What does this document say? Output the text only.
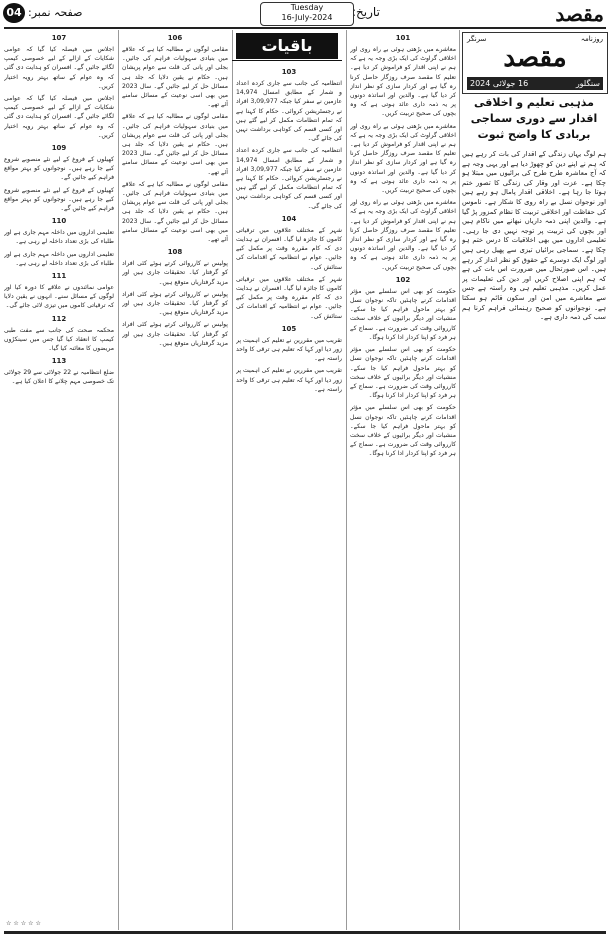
مقصد
تاریخ:
Tuesday
16-July-2024
صفحہ نمبر:
04
روزنامہ
سرنگر
مقصد
سنگلور
16 جولائی 2024
مذہبی تعلیم و اخلاقی اقدار سے دوری سماجی بربادی کا واضح ثبوت
ہم لوگ یہاں زندگی کے اقدار کی بات کر رہے ہیں کہ ہم نے اپنے دین کو چھوڑ دیا ہے اور یہی وجہ ہے کہ آج معاشرہ طرح طرح کی برائیوں میں مبتلا ہو چکا ہے۔ عزت اور وقار کی زندگی کا تصور ختم ہوتا جا رہا ہے۔ اخلاقی اقدار پامال ہو رہے ہیں اور نوجوان نسل بے راہ روی کا شکار ہے۔ ناموس کی حفاظت اور اخلاقی تربیت کا نظام کمزور پڑ گیا ہے۔ والدین اپنی ذمہ داریاں نبھانے میں ناکام ہیں اور بچوں کی تربیت پر توجہ نہیں دی جا رہی۔ تعلیمی اداروں میں بھی اخلاقیات کا درس ختم ہو چکا ہے۔ سماجی برائیاں تیزی سے پھیل رہی ہیں اور لوگ ایک دوسرے کے حقوق کو نظر انداز کر رہے ہیں۔ اس صورتحال میں ضرورت اس بات کی ہے کہ ہم اپنی اصلاح کریں اور دین کی تعلیمات پر عمل کریں۔ مذہبی تعلیم ہی وہ راستہ ہے جس سے معاشرے میں امن اور سکون قائم ہو سکتا ہے۔ نوجوانوں کو صحیح رہنمائی فراہم کرنا ہم سب کی ذمہ داری ہے۔
باقیات	101

معاشرے میں بڑھتی ہوئی بے راہ روی اور اخلاقی گراوٹ کی ایک بڑی وجہ یہ ہے کہ ہم نے اپنی اقدار کو فراموش کر دیا ہے۔ تعلیم کا مقصد صرف روزگار حاصل کرنا رہ گیا ہے اور کردار سازی کو نظر انداز کر دیا گیا ہے۔ والدین اور اساتذہ دونوں پر یہ ذمہ داری عائد ہوتی ہے کہ وہ بچوں کی صحیح تربیت کریں۔

معاشرے میں بڑھتی ہوئی بے راہ روی اور اخلاقی گراوٹ کی ایک بڑی وجہ یہ ہے کہ ہم نے اپنی اقدار کو فراموش کر دیا ہے۔ تعلیم کا مقصد صرف روزگار حاصل کرنا رہ گیا ہے اور کردار سازی کو نظر انداز کر دیا گیا ہے۔ والدین اور اساتذہ دونوں پر یہ ذمہ داری عائد ہوتی ہے کہ وہ بچوں کی صحیح تربیت کریں۔

معاشرے میں بڑھتی ہوئی بے راہ روی اور اخلاقی گراوٹ کی ایک بڑی وجہ یہ ہے کہ ہم نے اپنی اقدار کو فراموش کر دیا ہے۔ تعلیم کا مقصد صرف روزگار حاصل کرنا رہ گیا ہے اور کردار سازی کو نظر انداز کر دیا گیا ہے۔ والدین اور اساتذہ دونوں پر یہ ذمہ داری عائد ہوتی ہے کہ وہ بچوں کی صحیح تربیت کریں۔

102

حکومت کو بھی اس سلسلے میں مؤثر اقدامات کرنے چاہئیں تاکہ نوجوان نسل کو بہتر ماحول فراہم کیا جا سکے۔ منشیات اور دیگر برائیوں کے خلاف سخت کارروائی وقت کی ضرورت ہے۔ سماج کے ہر فرد کو اپنا کردار ادا کرنا ہوگا۔

حکومت کو بھی اس سلسلے میں مؤثر اقدامات کرنے چاہئیں تاکہ نوجوان نسل کو بہتر ماحول فراہم کیا جا سکے۔ منشیات اور دیگر برائیوں کے خلاف سخت کارروائی وقت کی ضرورت ہے۔ سماج کے ہر فرد کو اپنا کردار ادا کرنا ہوگا۔

حکومت کو بھی اس سلسلے میں مؤثر اقدامات کرنے چاہئیں تاکہ نوجوان نسل کو بہتر ماحول فراہم کیا جا سکے۔ منشیات اور دیگر برائیوں کے خلاف سخت کارروائی وقت کی ضرورت ہے۔ سماج کے ہر فرد کو اپنا کردار ادا کرنا ہوگا۔

103

انتظامیہ کی جانب سے جاری کردہ اعداد و شمار کے مطابق امسال 14,974 عازمین نے سفر کیا جبکہ 3,09,977 افراد نے رجسٹریشن کروائی۔ حکام کا کہنا ہے کہ تمام انتظامات مکمل کر لیے گئے ہیں اور کسی قسم کی کوتاہی برداشت نہیں کی جائے گی۔

انتظامیہ کی جانب سے جاری کردہ اعداد و شمار کے مطابق امسال 14,974 عازمین نے سفر کیا جبکہ 3,09,977 افراد نے رجسٹریشن کروائی۔ حکام کا کہنا ہے کہ تمام انتظامات مکمل کر لیے گئے ہیں اور کسی قسم کی کوتاہی برداشت نہیں کی جائے گی۔

104

شہر کے مختلف علاقوں میں ترقیاتی کاموں کا جائزہ لیا گیا۔ افسران نے ہدایت دی کہ کام مقررہ وقت پر مکمل کیے جائیں۔ عوام نے انتظامیہ کے اقدامات کی ستائش کی۔

شہر کے مختلف علاقوں میں ترقیاتی کاموں کا جائزہ لیا گیا۔ افسران نے ہدایت دی کہ کام مقررہ وقت پر مکمل کیے جائیں۔ عوام نے انتظامیہ کے اقدامات کی ستائش کی۔

105

تقریب میں مقررین نے تعلیم کی اہمیت پر زور دیا اور کہا کہ تعلیم ہی ترقی کا واحد راستہ ہے۔

تقریب میں مقررین نے تعلیم کی اہمیت پر زور دیا اور کہا کہ تعلیم ہی ترقی کا واحد راستہ ہے۔

106

مقامی لوگوں نے مطالبہ کیا ہے کہ علاقے میں بنیادی سہولیات فراہم کی جائیں۔ بجلی اور پانی کی قلت سے عوام پریشان ہیں۔ حکام نے یقین دلایا کہ جلد ہی مسائل حل کر لیے جائیں گے۔ سال 2023 میں بھی اسی نوعیت کے مسائل سامنے آئے تھے۔

مقامی لوگوں نے مطالبہ کیا ہے کہ علاقے میں بنیادی سہولیات فراہم کی جائیں۔ بجلی اور پانی کی قلت سے عوام پریشان ہیں۔ حکام نے یقین دلایا کہ جلد ہی مسائل حل کر لیے جائیں گے۔ سال 2023 میں بھی اسی نوعیت کے مسائل سامنے آئے تھے۔

مقامی لوگوں نے مطالبہ کیا ہے کہ علاقے میں بنیادی سہولیات فراہم کی جائیں۔ بجلی اور پانی کی قلت سے عوام پریشان ہیں۔ حکام نے یقین دلایا کہ جلد ہی مسائل حل کر لیے جائیں گے۔ سال 2023 میں بھی اسی نوعیت کے مسائل سامنے آئے تھے۔

108

پولیس نے کارروائی کرتے ہوئے کئی افراد کو گرفتار کیا۔ تحقیقات جاری ہیں اور مزید گرفتاریاں متوقع ہیں۔

پولیس نے کارروائی کرتے ہوئے کئی افراد کو گرفتار کیا۔ تحقیقات جاری ہیں اور مزید گرفتاریاں متوقع ہیں۔

پولیس نے کارروائی کرتے ہوئے کئی افراد کو گرفتار کیا۔ تحقیقات جاری ہیں اور مزید گرفتاریاں متوقع ہیں۔

107

اجلاس میں فیصلہ کیا گیا کہ عوامی شکایات کے ازالے کے لیے خصوصی کیمپ لگائے جائیں گے۔ افسران کو ہدایت دی گئی کہ وہ عوام کے ساتھ بہتر رویہ اختیار کریں۔

اجلاس میں فیصلہ کیا گیا کہ عوامی شکایات کے ازالے کے لیے خصوصی کیمپ لگائے جائیں گے۔ افسران کو ہدایت دی گئی کہ وہ عوام کے ساتھ بہتر رویہ اختیار کریں۔

109

کھیلوں کے فروغ کے لیے نئے منصوبے شروع کیے جا رہے ہیں۔ نوجوانوں کو بہتر مواقع فراہم کیے جائیں گے۔

کھیلوں کے فروغ کے لیے نئے منصوبے شروع کیے جا رہے ہیں۔ نوجوانوں کو بہتر مواقع فراہم کیے جائیں گے۔

110

تعلیمی اداروں میں داخلہ مہم جاری ہے اور طلباء کی بڑی تعداد داخلہ لے رہی ہے۔

تعلیمی اداروں میں داخلہ مہم جاری ہے اور طلباء کی بڑی تعداد داخلہ لے رہی ہے۔

111

عوامی نمائندوں نے علاقے کا دورہ کیا اور لوگوں کے مسائل سنے۔ انہوں نے یقین دلایا کہ ترقیاتی کاموں میں تیزی لائی جائے گی۔

112

محکمہ صحت کی جانب سے مفت طبی کیمپ کا انعقاد کیا گیا جس میں سینکڑوں مریضوں کا معائنہ کیا گیا۔

113

ضلع انتظامیہ نے 22 جولائی سے 29 جولائی تک خصوصی مہم چلانے کا اعلان کیا ہے۔

☆☆☆☆☆
